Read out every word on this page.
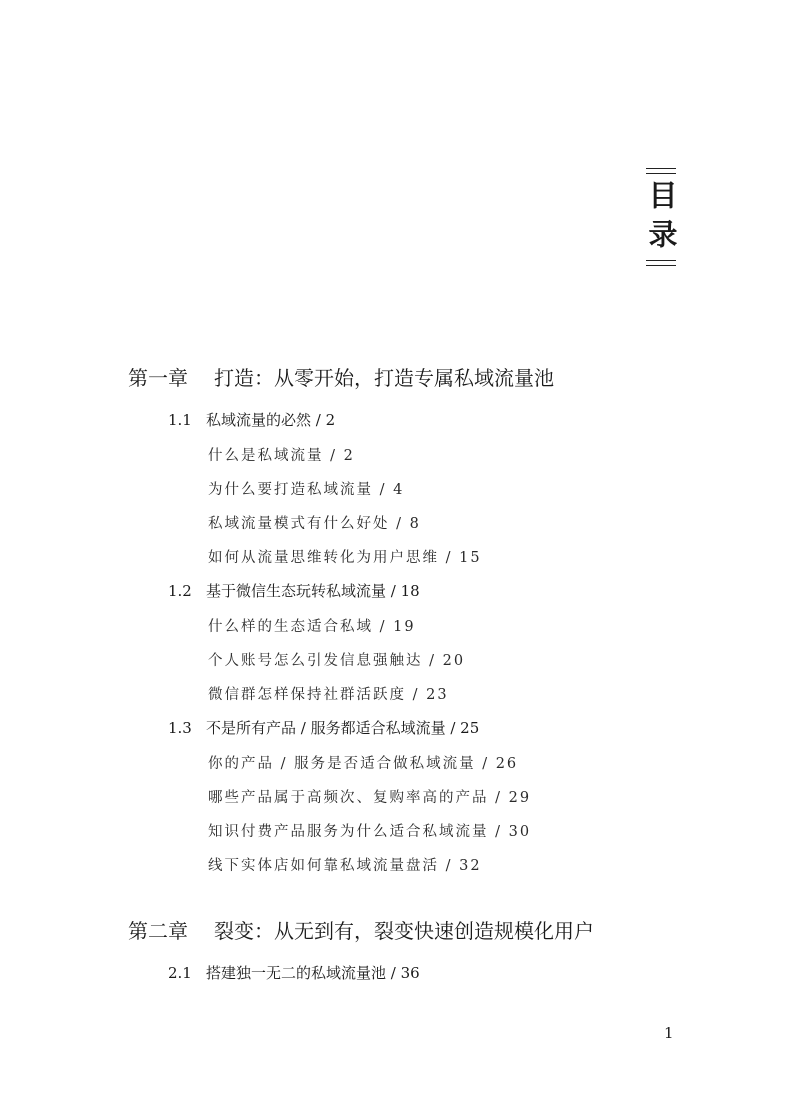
目录
第一章 打造：从零开始，打造专属私域流量池
1.1 私域流量的必然 / 2
什么是私域流量 / 2
为什么要打造私域流量 / 4
私域流量模式有什么好处 / 8
如何从流量思维转化为用户思维 / 15
1.2 基于微信生态玩转私域流量 / 18
什么样的生态适合私域 / 19
个人账号怎么引发信息强触达 / 20
微信群怎样保持社群活跃度 / 23
1.3 不是所有产品 / 服务都适合私域流量 / 25
你的产品 / 服务是否适合做私域流量 / 26
哪些产品属于高频次、复购率高的产品 / 29
知识付费产品服务为什么适合私域流量 / 30
线下实体店如何靠私域流量盘活 / 32
第二章 裂变：从无到有，裂变快速创造规模化用户
2.1 搭建独一无二的私域流量池 / 36
1
